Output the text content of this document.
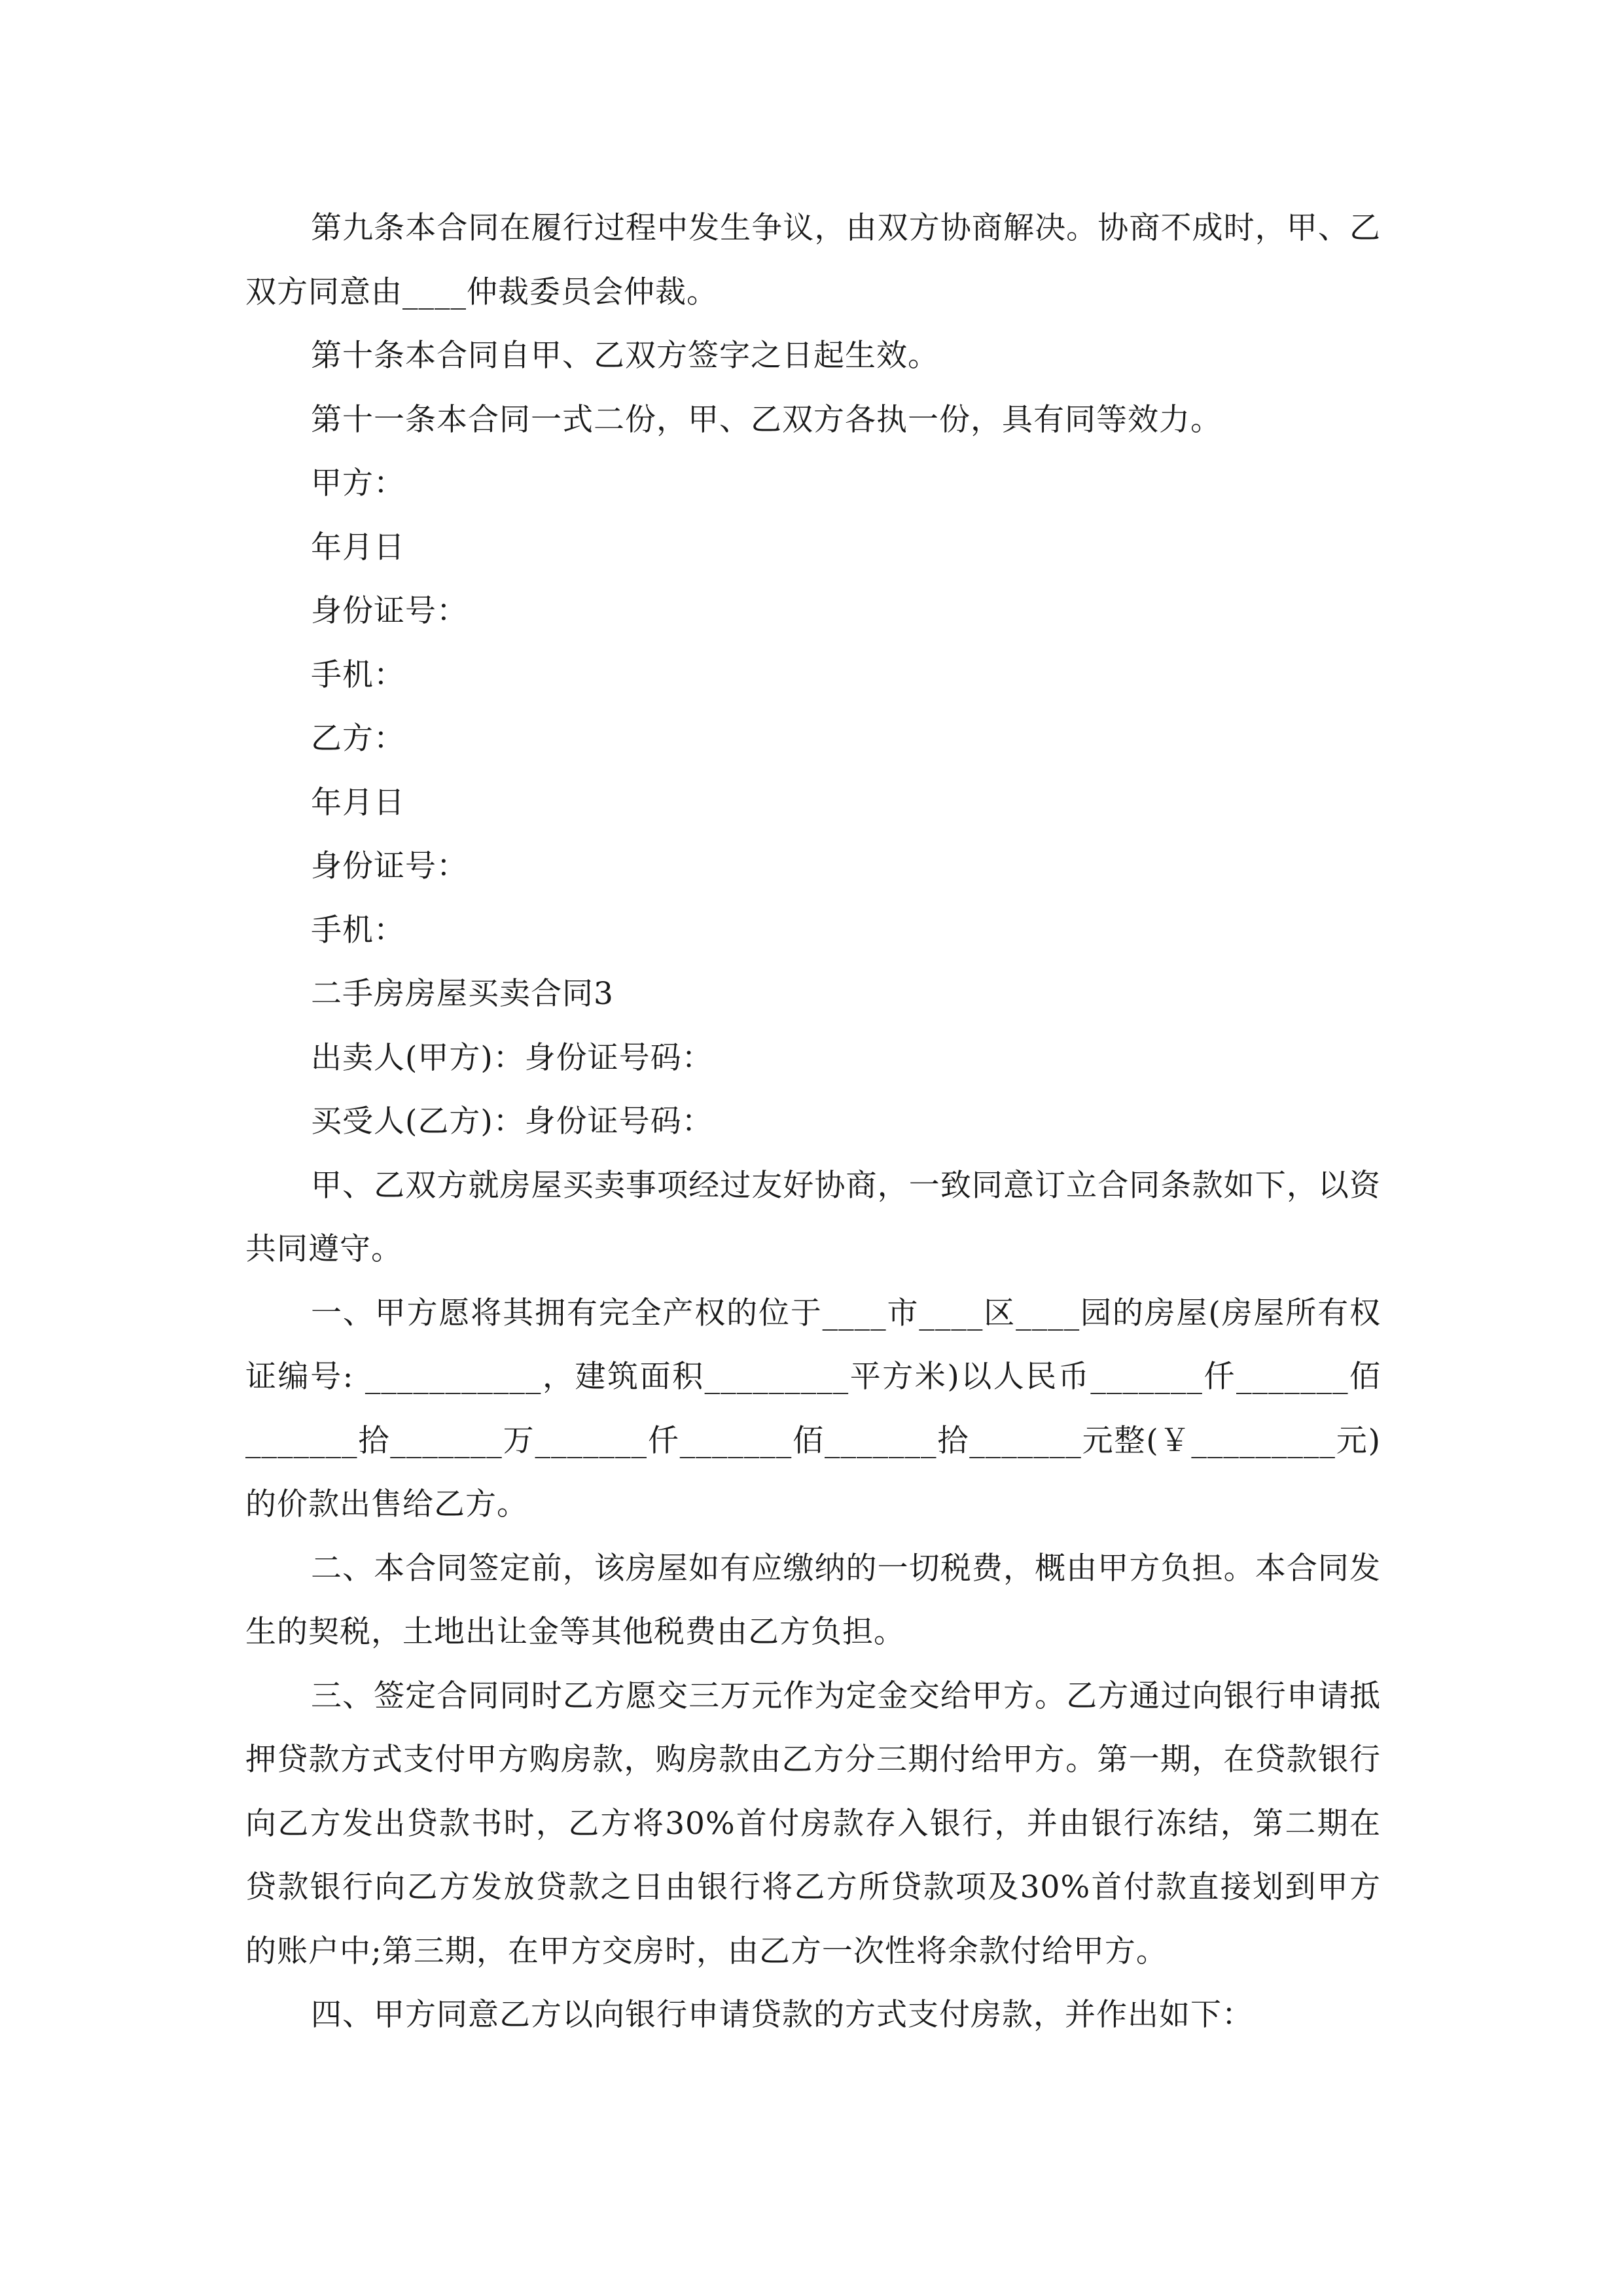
第九条本合同在履行过程中发生争议，由双方协商解决。协商不成时，甲、乙双方同意由____仲裁委员会仲裁。

第十条本合同自甲、乙双方签字之日起生效。

第十一条本合同一式二份，甲、乙双方各执一份，具有同等效力。

甲方：

年月日

身份证号：

手机：

乙方：

年月日

身份证号：

手机：

二手房房屋买卖合同3

出卖人(甲方)：身份证号码：

买受人(乙方)：身份证号码：

甲、乙双方就房屋买卖事项经过友好协商，一致同意订立合同条款如下，以资共同遵守。

一、甲方愿将其拥有完全产权的位于____市____区____园的房屋(房屋所有权证编号: ___________，建筑面积_________平方米)以人民币_______仟_______佰_______拾_______万_______仟_______佰_______拾_______元整(￥_________元)的价款出售给乙方。

二、本合同签定前，该房屋如有应缴纳的一切税费，概由甲方负担。本合同发生的契税，土地出让金等其他税费由乙方负担。

三、签定合同同时乙方愿交三万元作为定金交给甲方。乙方通过向银行申请抵押贷款方式支付甲方购房款，购房款由乙方分三期付给甲方。第一期，在贷款银行向乙方发出贷款书时，乙方将30%首付房款存入银行，并由银行冻结，第二期在贷款银行向乙方发放贷款之日由银行将乙方所贷款项及30%首付款直接划到甲方的账户中;第三期，在甲方交房时，由乙方一次性将余款付给甲方。

四、甲方同意乙方以向银行申请贷款的方式支付房款，并作出如下：
